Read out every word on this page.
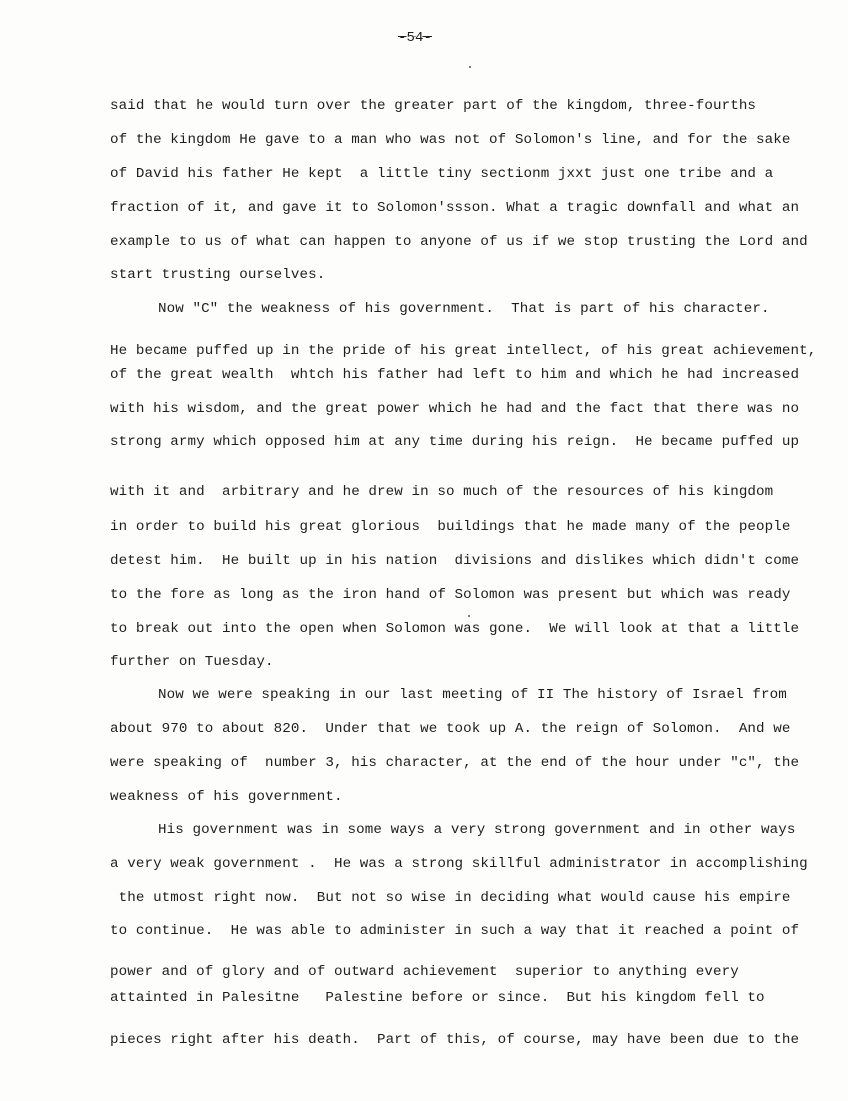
-54-
said that he would turn over the greater part of the kingdom, three-fourths
of the kingdom He gave to a man who was not of Solomon's line, and for the sake
of David his father He kept  a little tiny sectionm jxxt just one tribe and a
fraction of it, and gave it to Solomon'ssson. What a tragic downfall and what an
example to us of what can happen to anyone of us if we stop trusting the Lord and
start trusting ourselves.
Now "C" the weakness of his government.  That is part of his character.
He became puffed up in the pride of his great intellect, of his great achievement,
of the great wealth  whtch his father had left to him and which he had increased
with his wisdom, and the great power which he had and the fact that there was no
strong army which opposed him at any time during his reign.  He became puffed up
with it and  arbitrary and he drew in so much of the resources of his kingdom
in order to build his great glorious  buildings that he made many of the people
detest him.  He built up in his nation  divisions and dislikes which didn't come
to the fore as long as the iron hand of Solomon was present but which was ready
to break out into the open when Solomon was gone.  We will look at that a little
further on Tuesday.
Now we were speaking in our last meeting of II The history of Israel from
about 970 to about 820.  Under that we took up A. the reign of Solomon.  And we
were speaking of  number 3, his character, at the end of the hour under "c", the
weakness of his government.
His government was in some ways a very strong government and in other ways
a very weak government .  He was a strong skillful administrator in accomplishing
the utmost right now.  But not so wise in deciding what would cause his empire
to continue.  He was able to administer in such a way that it reached a point of
power and of glory and of outward achievement  superior to anything every
attainted in Palesitne   Palestine before or since.  But his kingdom fell to
pieces right after his death.  Part of this, of course, may have been due to the
